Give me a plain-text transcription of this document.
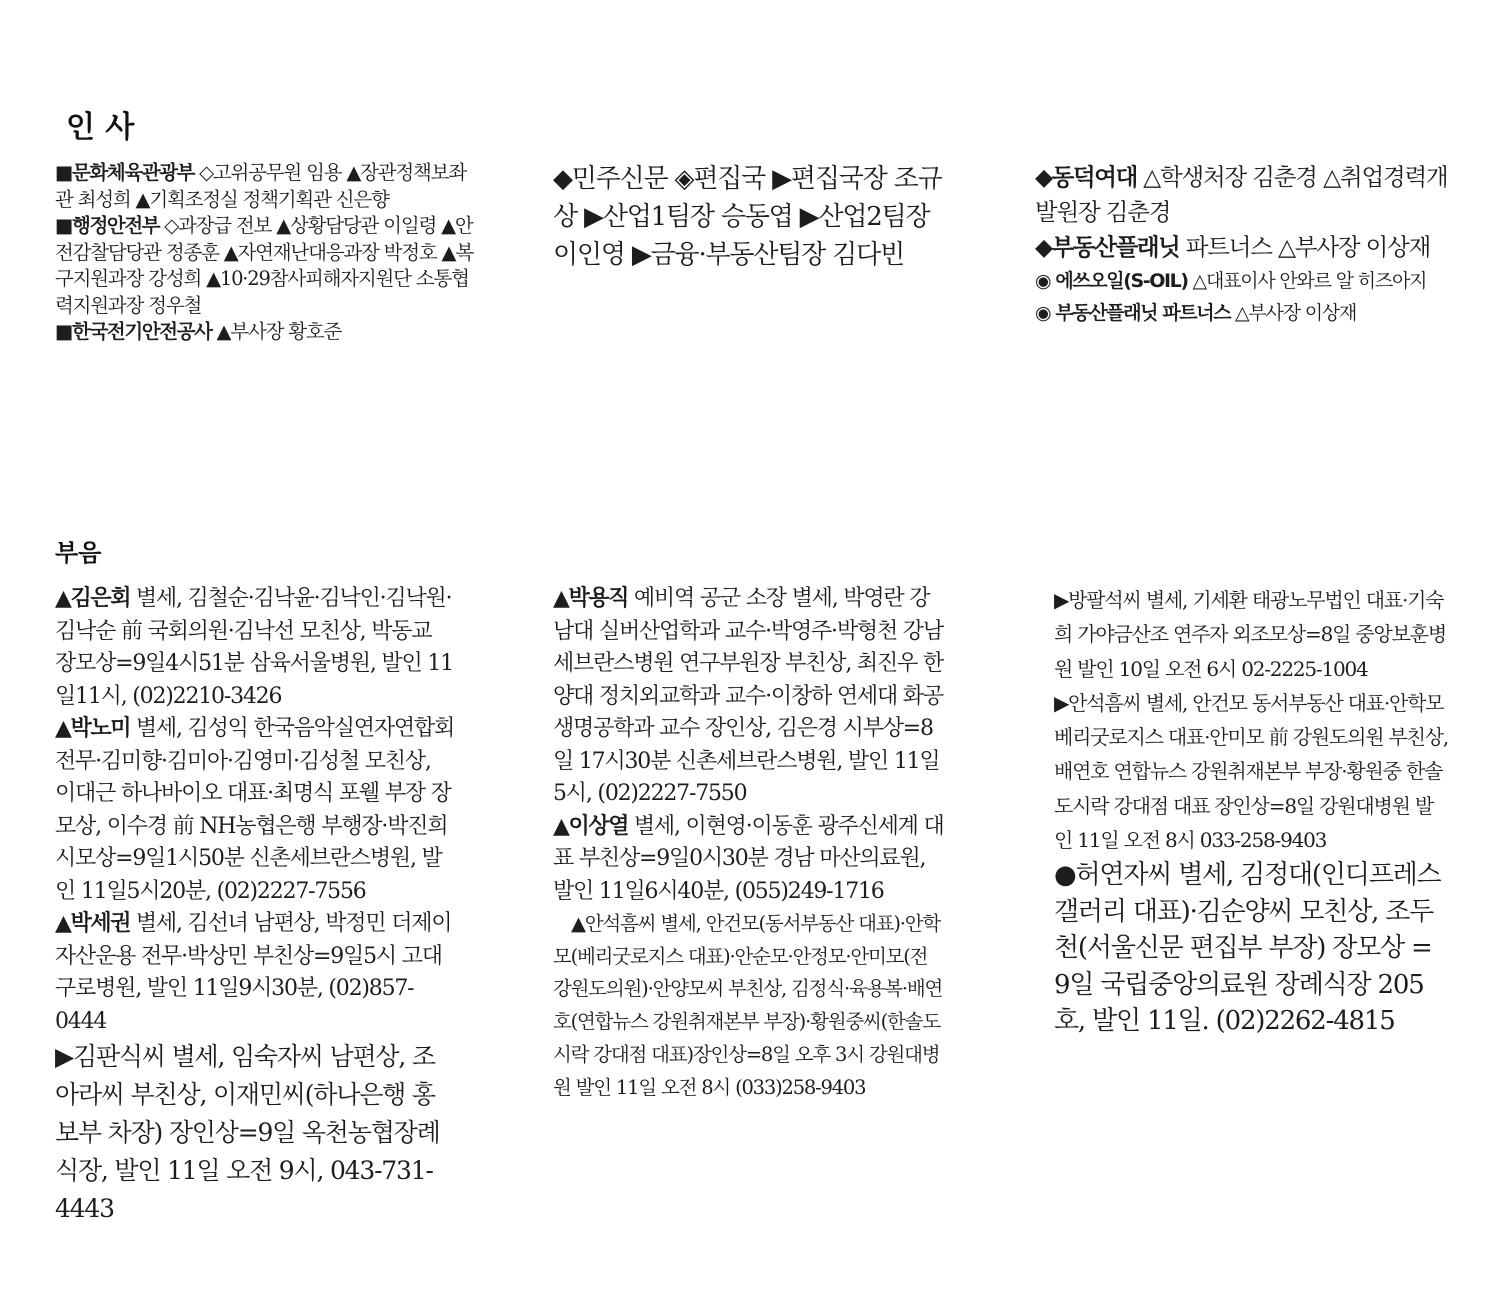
인 사

■ 문화체육관광부 ◇고위공무원 임용 ▲장관정책보좌관 최성희 ▲기획조정실 정책기획관 신은향

■ 행정안전부 ◇과장급 전보 ▲상황담당관 이일령 ▲안전감찰담당관 정종훈 ▲자연재난대응과장 박정호 ▲복구지원과장 강성희 ▲10·29참사피해자지원단 소통협력지원과장 정우철

■ 한국전기안전공사 ▲부사장 황호준

◆민주신문 ◈편집국 ▶편집국장 조규상 ▶산업1팀장 승동엽 ▶산업2팀장 이인영 ▶금융·부동산팀장 김다빈

◆동덕여대 △학생처장 김춘경 △취업경력개발원장 김춘경

◆부동산플래닛 파트너스 △부사장 이상재

◉ 에쓰오일(S-OIL) △대표이사 안와르 알 히즈아지

◉ 부동산플래닛 파트너스 △부사장 이상재

부음

▲김은회 별세, 김철순·김낙윤·김낙인·김낙원·김낙순 前 국회의원·김낙선 모친상, 박동교 장모상=9일4시51분 삼육서울병원, 발인 11일11시, (02)2210-3426

▲박노미 별세, 김성익 한국음악실연자연합회 전무·김미향·김미아·김영미·김성철 모친상, 이대근 하나바이오 대표·최명식 포웰 부장 장모상, 이수경 前 NH농협은행 부행장·박진희 시모상=9일1시50분 신촌세브란스병원, 발인 11일5시20분, (02)2227-7556

▲박세권 별세, 김선녀 남편상, 박정민 더제이자산운용 전무·박상민 부친상=9일5시 고대구로병원, 발인 11일9시30분, (02)857-0444

▶김판식씨 별세, 임숙자씨 남편상, 조아라씨 부친상, 이재민씨(하나은행 홍보부 차장) 장인상=9일 옥천농협장례식장, 발인 11일 오전 9시, 043-731-4443

▲박용직 예비역 공군 소장 별세, 박영란 강남대 실버산업학과 교수·박영주·박형천 강남세브란스병원 연구부원장 부친상, 최진우 한양대 정치외교학과 교수·이창하 연세대 화공생명공학과 교수 장인상, 김은경 시부상=8일 17시30분 신촌세브란스병원, 발인 11일5시, (02)2227-7550

▲이상열 별세, 이현영·이동훈 광주신세계 대표 부친상=9일0시30분 경남 마산의료원, 발인 11일6시40분, (055)249-1716

▲안석흠씨 별세, 안건모(동서부동산 대표)·안학모(베리굿로지스 대표)·안순모·안정모·안미모(전 강원도의원)·안양모씨 부친상, 김정식·육용복·배연호(연합뉴스 강원취재본부 부장)·황원중씨(한솔도시락 강대점 대표)장인상=8일 오후 3시 강원대병원 발인 11일 오전 8시 (033)258-9403

▶방팔석씨 별세, 기세환 태광노무법인 대표·기숙희 가야금산조 연주자 외조모상=8일 중앙보훈병원 발인 10일 오전 6시 02-2225-1004

▶안석흠씨 별세, 안건모 동서부동산 대표·안학모 베리굿로지스 대표·안미모 前 강원도의원 부친상, 배연호 연합뉴스 강원취재본부 부장·황원중 한솔도시락 강대점 대표 장인상=8일 강원대병원 발인 11일 오전 8시 033-258-9403

●허연자씨 별세, 김정대(인디프레스 갤러리 대표)·김순양씨 모친상, 조두천(서울신문 편집부 부장) 장모상 = 9일 국립중앙의료원 장례식장 205호, 발인 11일. (02)2262-4815
